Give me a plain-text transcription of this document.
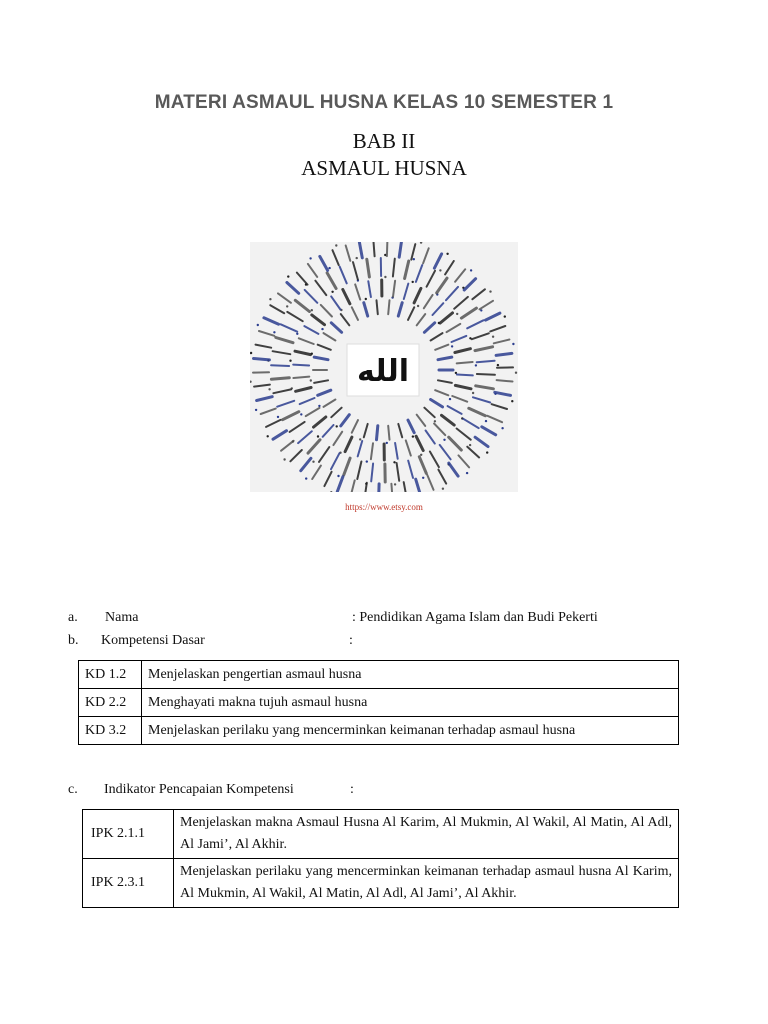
MATERI ASMAUL HUSNA KELAS 10 SEMESTER 1
BAB II
ASMAUL HUSNA
الله
https://www.etsy.com
a. Nama	: Pendidikan Agama Islam dan Budi Pekerti
b. Kompetensi Dasar	:
KD 1.2	Menjelaskan pengertian asmaul husna
KD 2.2	Menghayati makna tujuh asmaul husna
KD 3.2	Menjelaskan perilaku yang mencerminkan keimanan terhadap asmaul husna
c. Indikator Pencapaian Kompetensi	:
IPK 2.1.1	Menjelaskan makna Asmaul Husna Al Karim, Al Mukmin, Al Wakil, Al Matin, Al Adl, Al Jami’, Al Akhir.
IPK 2.3.1	Menjelaskan perilaku yang mencerminkan keimanan terhadap asmaul husna Al Karim, Al Mukmin, Al Wakil, Al Matin, Al Adl, Al Jami’, Al Akhir.
